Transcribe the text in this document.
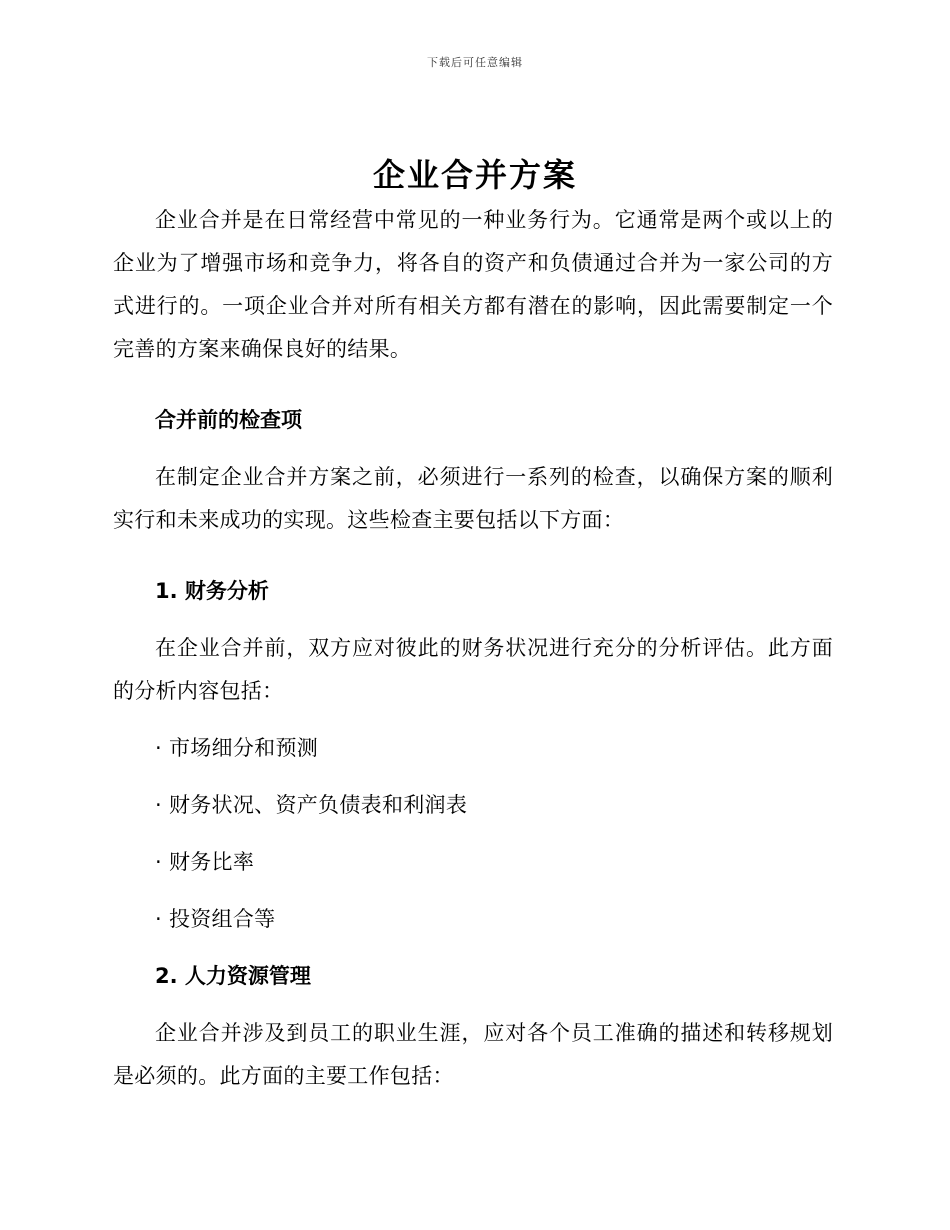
下载后可任意编辑
企业合并方案

企业合并是在日常经营中常见的一种业务行为。它通常是两个或以上的企业为了增强市场和竞争力，将各自的资产和负债通过合并为一家公司的方式进行的。一项企业合并对所有相关方都有潜在的影响，因此需要制定一个完善的方案来确保良好的结果。

合并前的检查项

在制定企业合并方案之前，必须进行一系列的检查，以确保方案的顺利实行和未来成功的实现。这些检查主要包括以下方面：

1. 财务分析

在企业合并前，双方应对彼此的财务状况进行充分的分析评估。此方面的分析内容包括：

· 市场细分和预测
· 财务状况、资产负债表和利润表
· 财务比率
· 投资组合等
2. 人力资源管理

企业合并涉及到员工的职业生涯，应对各个员工准确的描述和转移规划是必须的。此方面的主要工作包括：
